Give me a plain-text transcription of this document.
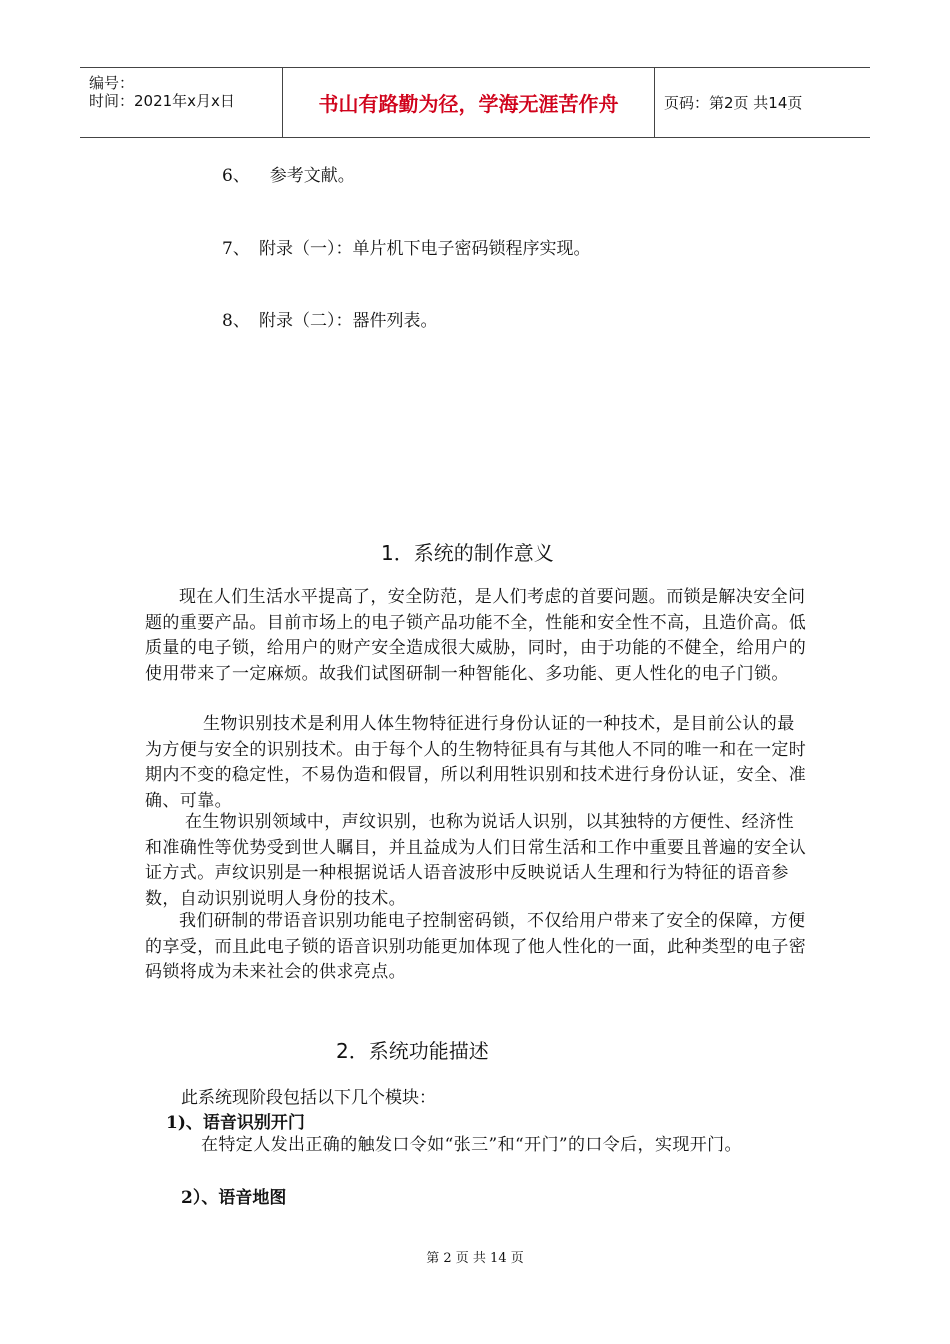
编号：
时间：2021年x月x日	书山有路勤为径，学海无涯苦作舟	页码：第2页 共14页
6、  参考文献。
7、 附录（一）：单片机下电子密码锁程序实现。
8、 附录（二）：器件列表。
1．系统的制作意义

现在人们生活水平提高了，安全防范，是人们考虑的首要问题。而锁是解决安全问题的重要产品。目前市场上的电子锁产品功能不全，性能和安全性不高，且造价高。低质量的电子锁，给用户的财产安全造成很大威胁，同时，由于功能的不健全，给用户的使用带来了一定麻烦。故我们试图研制一种智能化、多功能、更人性化的电子门锁。

生物识别技术是利用人体生物特征进行身份认证的一种技术，是目前公认的最为方便与安全的识别技术。由于每个人的生物特征具有与其他人不同的唯一和在一定时期内不变的稳定性，不易伪造和假冒，所以利用牲识别和技术进行身份认证，安全、准确、可靠。

在生物识别领域中，声纹识别，也称为说话人识别，以其独特的方便性、经济性和准确性等优势受到世人瞩目，并且益成为人们日常生活和工作中重要且普遍的安全认证方式。声纹识别是一种根据说话人语音波形中反映说话人生理和行为特征的语音参数，自动识别说明人身份的技术。

我们研制的带语音识别功能电子控制密码锁，不仅给用户带来了安全的保障，方便的享受，而且此电子锁的语音识别功能更加体现了他人性化的一面，此种类型的电子密码锁将成为未来社会的供求亮点。

2．系统功能描述
此系统现阶段包括以下几个模块：
1)、语音识别开门

在特定人发出正确的触发口令如“张三”和“开门”的口令后，实现开门。

2）、语音地图
第 2 页 共 14 页
